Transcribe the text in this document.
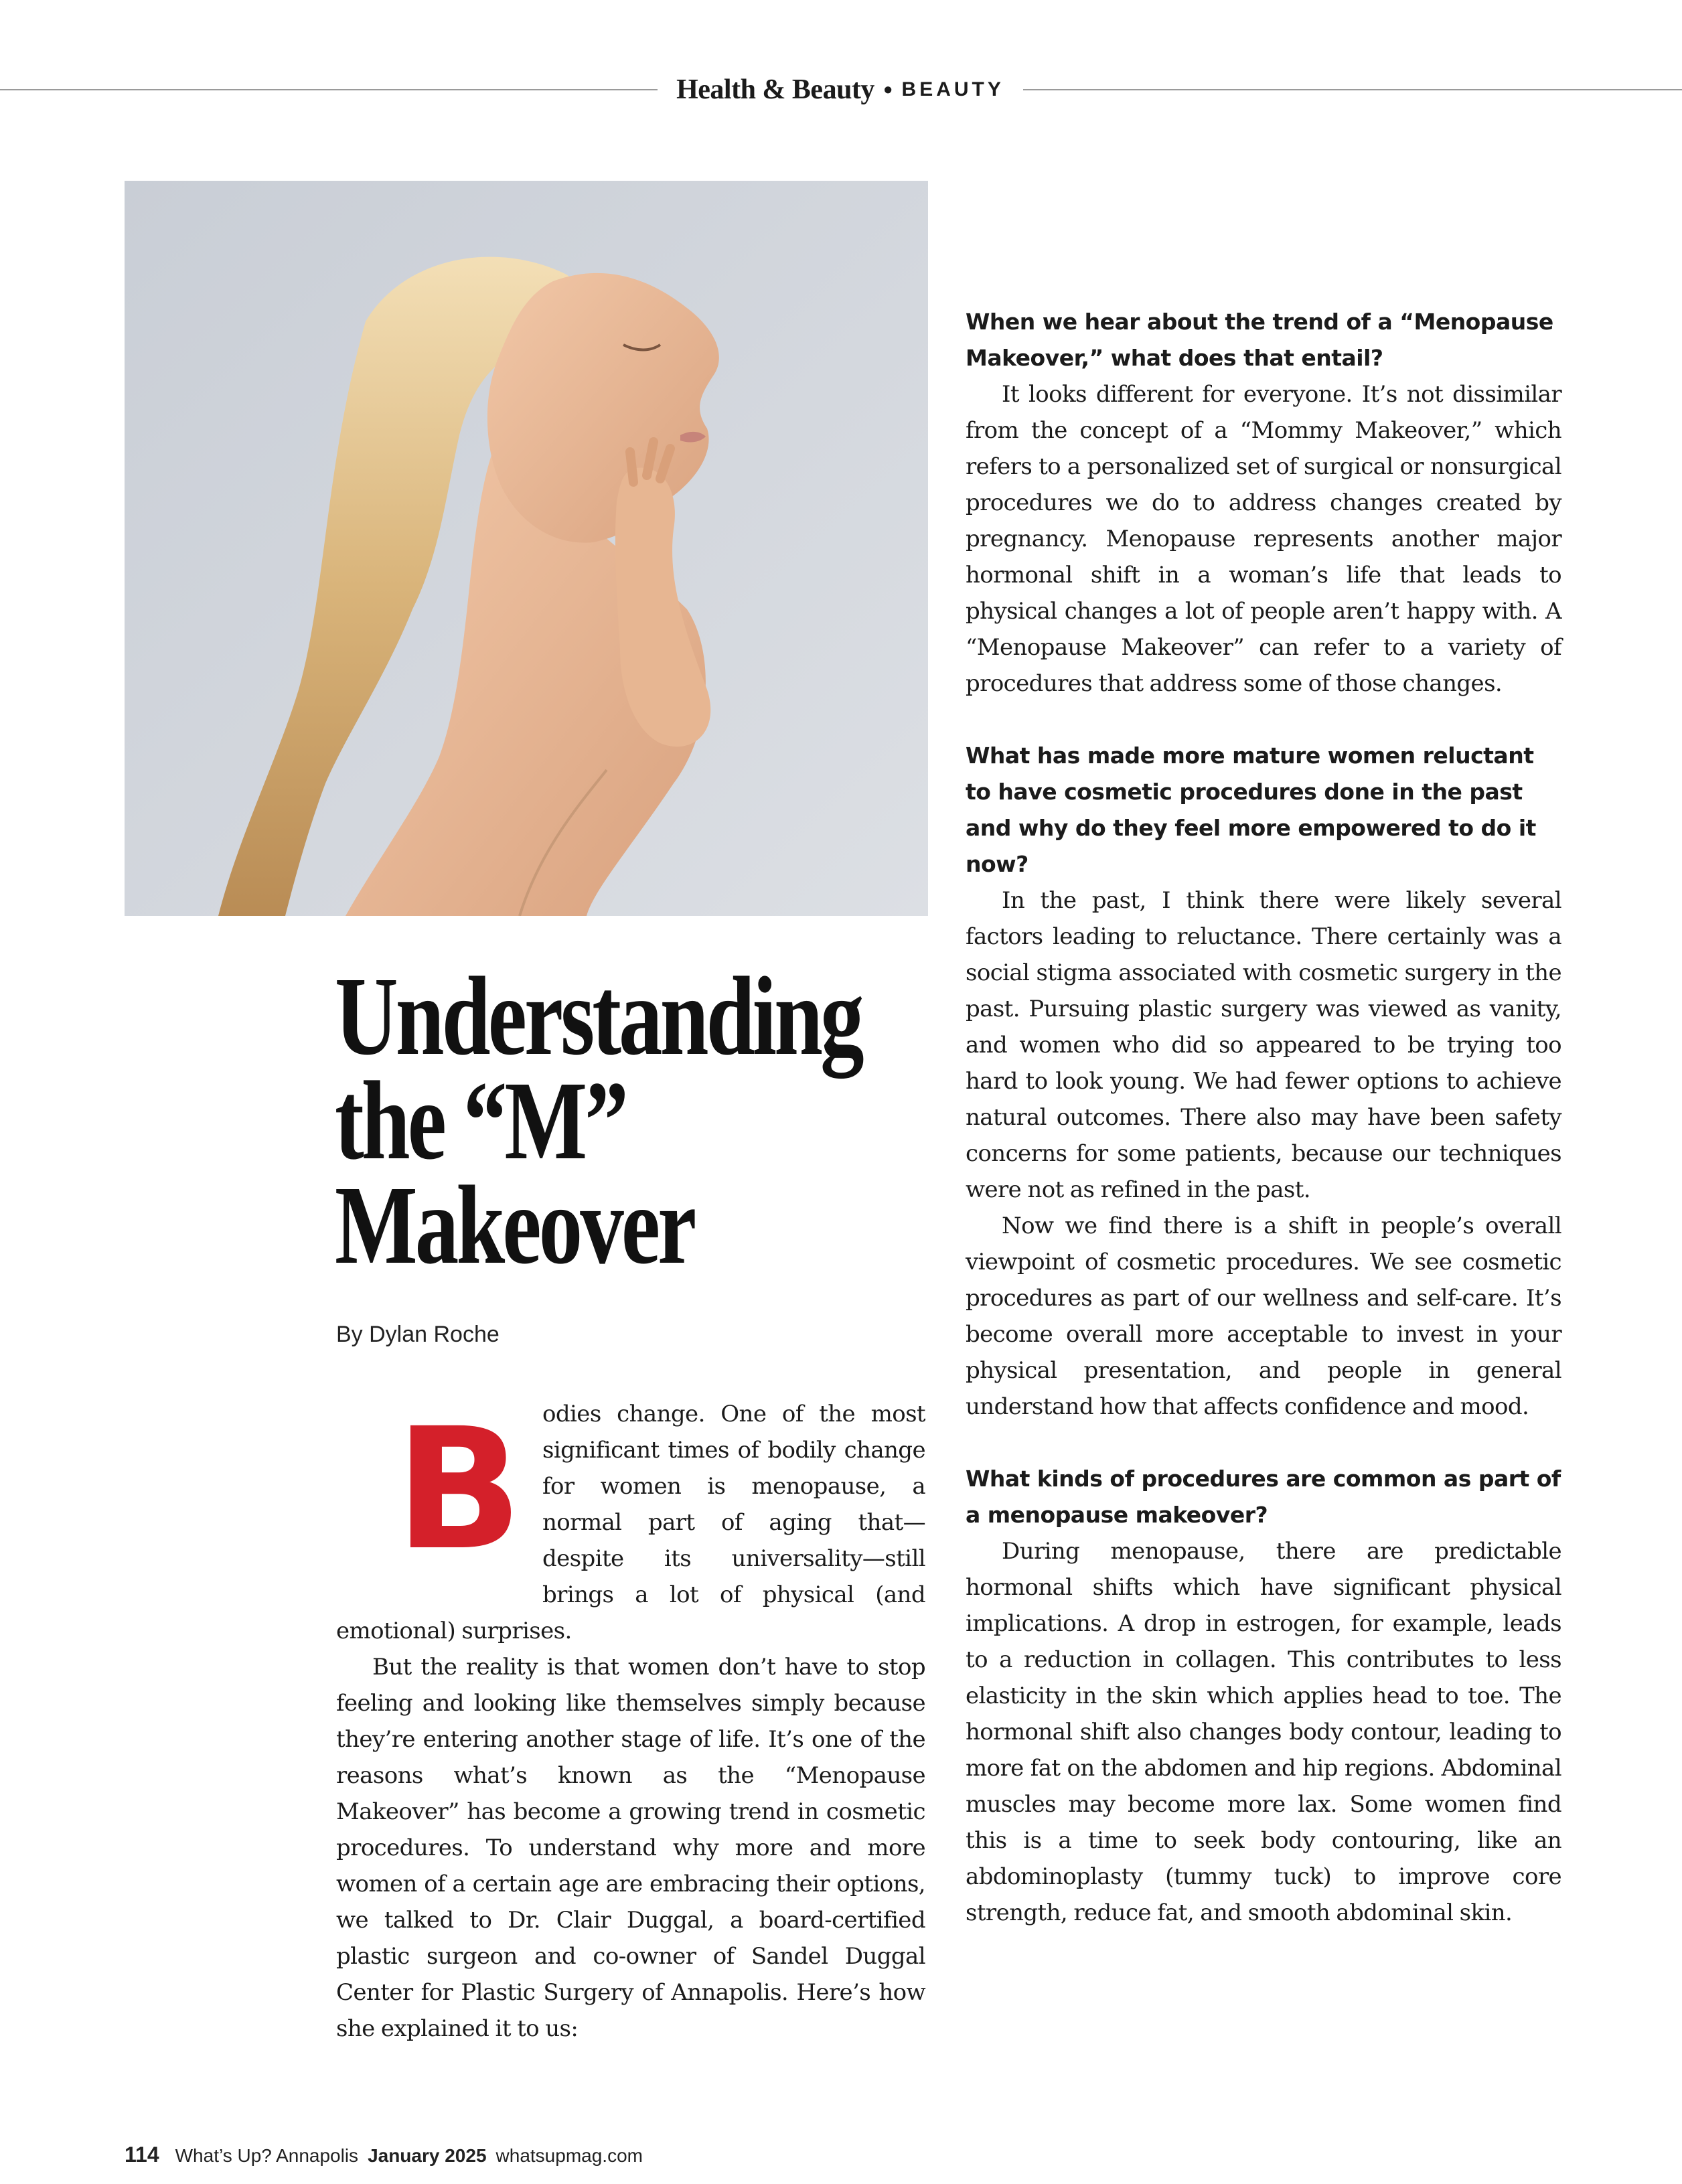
Health & Beauty • BEAUTY
Understanding
the “M”
Makeover
By Dylan Roche
B odies change. One of the most significant times of bodily change for women is menopause, a normal part of aging that—despite its universality—still brings a lot of physical (and emotional) surprises.

But the reality is that women don’t have to stop feeling and looking like themselves simply because they’re entering another stage of life. It’s one of the reasons what’s known as the “Menopause Makeover” has become a growing trend in cosmetic procedures. To understand why more and more women of a certain age are embracing their options, we talked to Dr. Clair Duggal, a board-certified plastic surgeon and co-owner of Sandel Duggal Center for Plastic Surgery of Annapolis. Here’s how she explained it to us:

When we hear about the trend of a “Menopause Makeover,” what does that entail?

It looks different for everyone. It’s not dissimilar from the concept of a “Mommy Makeover,” which refers to a personalized set of surgical or nonsurgical procedures we do to address changes created by pregnancy. Menopause represents another major hormonal shift in a woman’s life that leads to physical changes a lot of people aren’t happy with. A “Menopause Makeover” can refer to a variety of procedures that address some of those changes.

What has made more mature women reluctant to have cosmetic procedures done in the past and why do they feel more empowered to do it now?

In the past, I think there were likely several factors leading to reluctance. There certainly was a social stigma associated with cosmetic surgery in the past. Pursuing plastic surgery was viewed as vanity, and women who did so appeared to be trying too hard to look young. We had fewer options to achieve natural outcomes. There also may have been safety concerns for some patients, because our techniques were not as refined in the past.

Now we find there is a shift in people’s overall viewpoint of cosmetic procedures. We see cosmetic procedures as part of our wellness and self-care. It’s become overall more acceptable to invest in your physical presentation, and people in general understand how that affects confidence and mood.

What kinds of procedures are common as part of a menopause makeover?

During menopause, there are predictable hormonal shifts which have significant physical implications. A drop in estrogen, for example, leads to a reduction in collagen. This contributes to less elasticity in the skin which applies head to toe. The hormonal shift also changes body contour, leading to more fat on the abdomen and hip regions. Abdominal muscles may become more lax. Some women find this is a time to seek body contouring, like an abdominoplasty (tummy tuck) to improve core strength, reduce fat, and smooth abdominal skin.

114 What’s Up? Annapolis January 2025 whatsupmag.com
